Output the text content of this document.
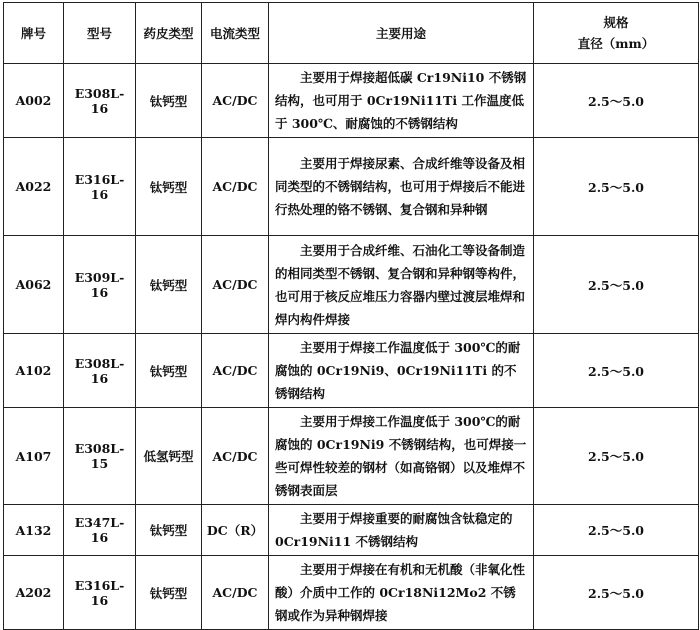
牌号	型号	药皮类型	电流类型	主要用途	规格
直径（mm）

A002	E308L-16	钛钙型	AC/DC	主要用于焊接超低碳 Cr19Ni10 不锈钢结构，也可用于 0Cr19Ni11Ti 工作温度低于 300℃、耐腐蚀的不锈钢结构	2.5～5.0
A022	E316L-16	钛钙型	AC/DC	主要用于焊接尿素、合成纤维等设备及相同类型的不锈钢结构，也可用于焊接后不能进行热处理的铬不锈钢、复合钢和异种钢	2.5～5.0
A062	E309L-16	钛钙型	AC/DC	主要用于合成纤维、石油化工等设备制造的相同类型不锈钢、复合钢和异种钢等构件，也可用于核反应堆压力容器内壁过渡层堆焊和焊内构件焊接	2.5～5.0
A102	E308L-16	钛钙型	AC/DC	主要用于焊接工作温度低于 300℃的耐腐蚀的 0Cr19Ni9、0Cr19Ni11Ti 的不锈钢结构	2.5～5.0
A107	E308L-15	低氢钙型	AC/DC	主要用于焊接工作温度低于 300℃的耐腐蚀的 0Cr19Ni9 不锈钢结构，也可焊接一些可焊性较差的钢材（如高铬钢）以及堆焊不锈钢表面层	2.5～5.0
A132	E347L-16	钛钙型	DC（R）	主要用于焊接重要的耐腐蚀含钛稳定的 0Cr19Ni11 不锈钢结构	2.5～5.0
A202	E316L-16	钛钙型	AC/DC	主要用于焊接在有机和无机酸（非氧化性酸）介质中工作的 0Cr18Ni12Mo2 不锈钢或作为异种钢焊接	2.5～5.0
